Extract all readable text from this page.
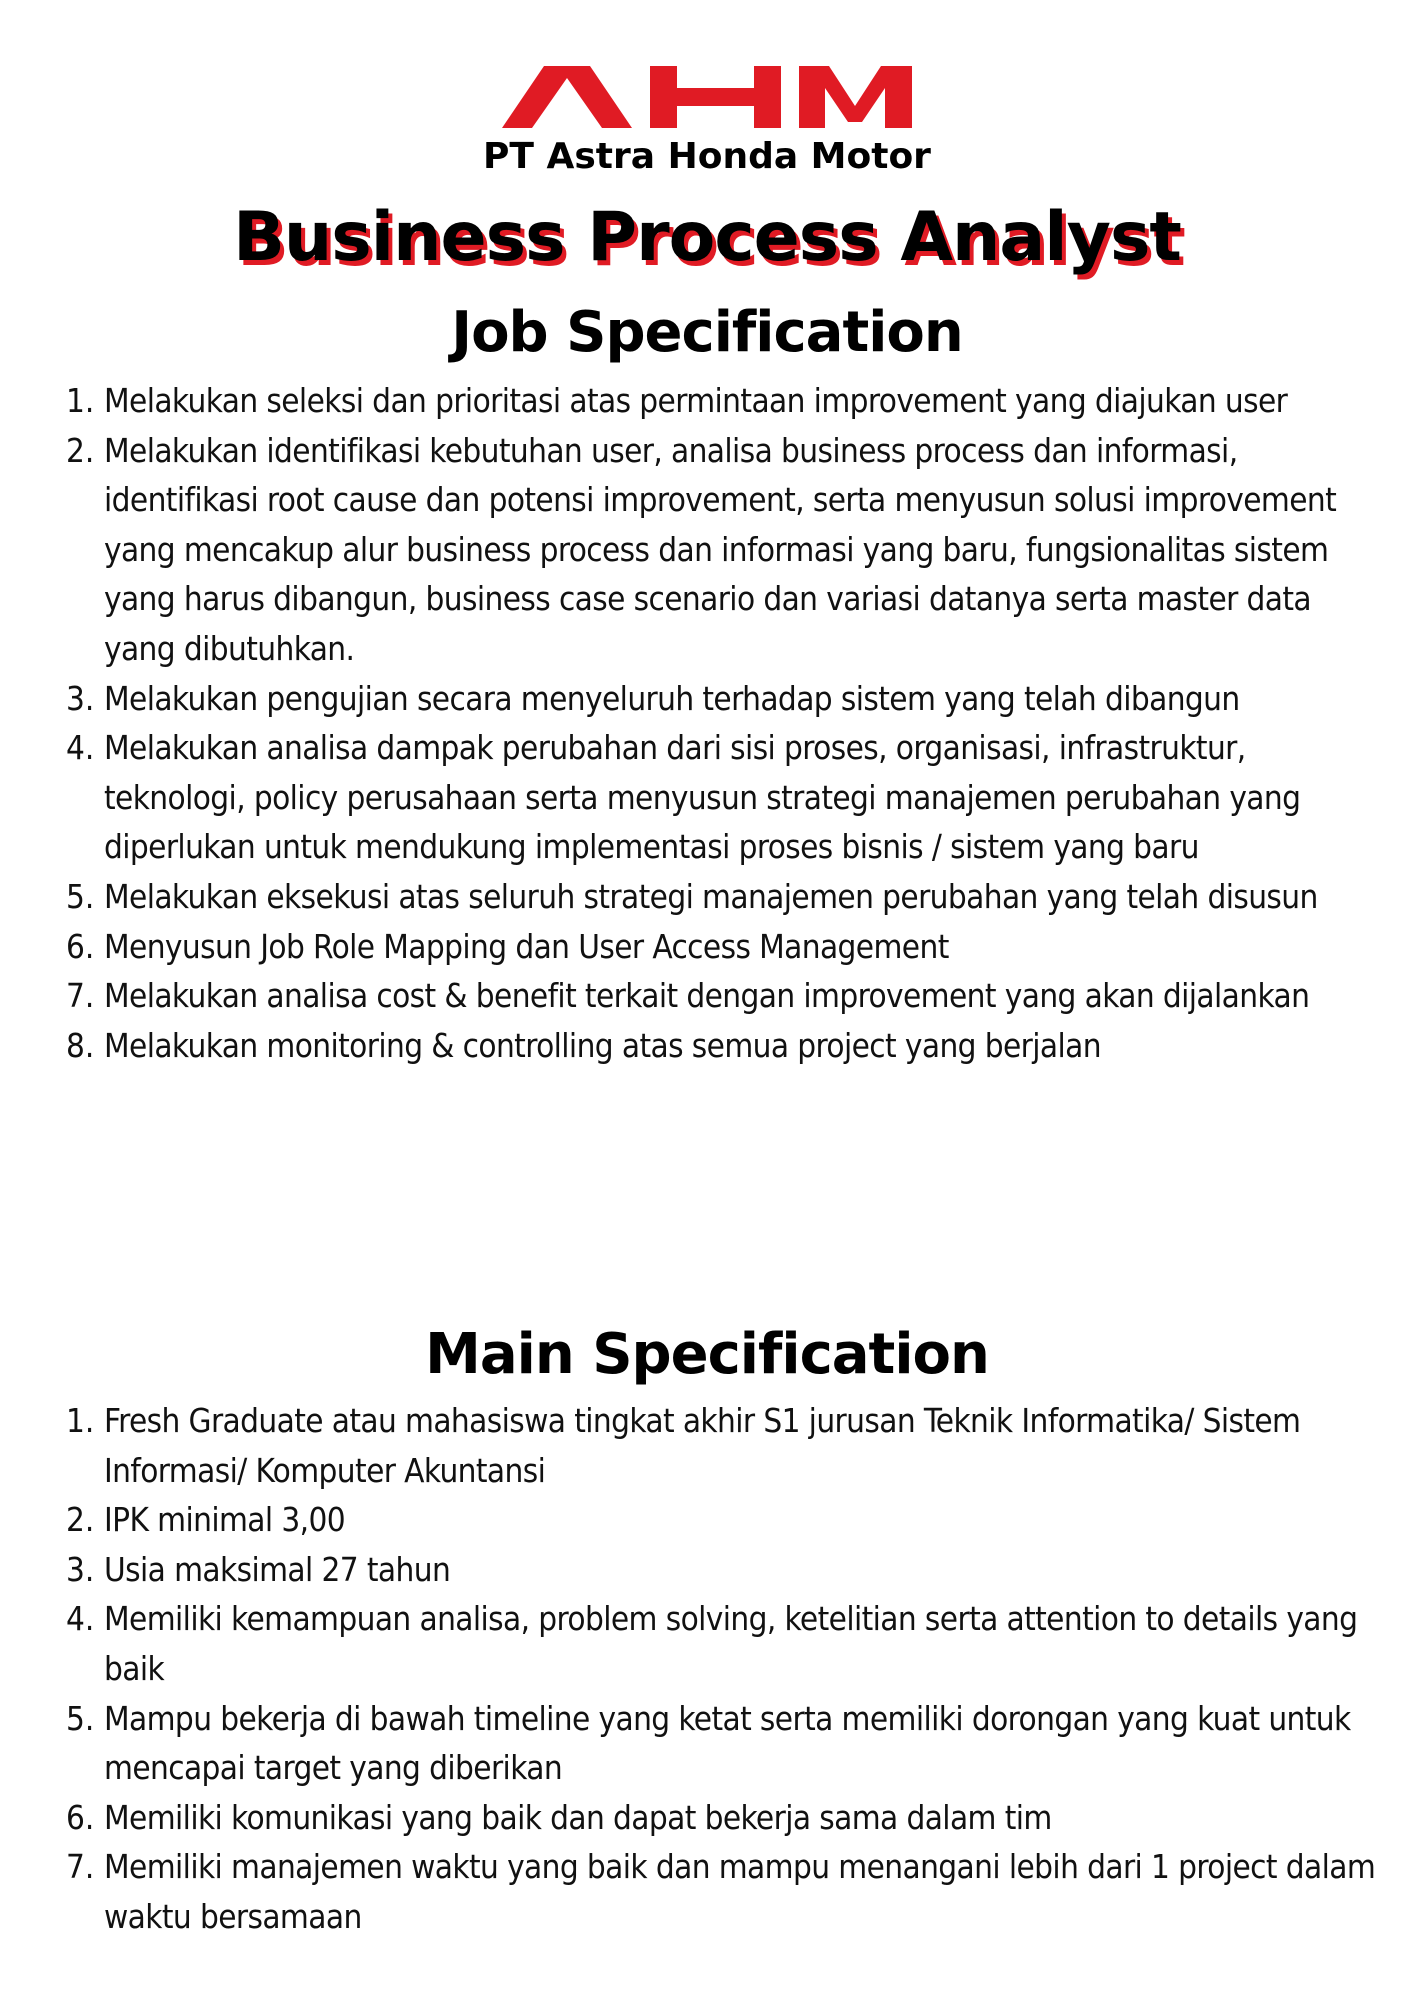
PT Astra Honda Motor
Business Process Analyst
Job Specification
1. Melakukan seleksi dan prioritasi atas permintaan improvement yang diajukan user
2. Melakukan identifikasi kebutuhan user, analisa business process dan informasi, identifikasi root cause dan potensi improvement, serta menyusun solusi improvement yang mencakup alur business process dan informasi yang baru, fungsionalitas sistem yang harus dibangun, business case scenario dan variasi datanya serta master data yang dibutuhkan.
3. Melakukan pengujian secara menyeluruh terhadap sistem yang telah dibangun
4. Melakukan analisa dampak perubahan dari sisi proses, organisasi, infrastruktur, teknologi, policy perusahaan serta menyusun strategi manajemen perubahan yang diperlukan untuk mendukung implementasi proses bisnis / sistem yang baru
5. Melakukan eksekusi atas seluruh strategi manajemen perubahan yang telah disusun
6. Menyusun Job Role Mapping dan User Access Management
7. Melakukan analisa cost & benefit terkait dengan improvement yang akan dijalankan
8. Melakukan monitoring & controlling atas semua project yang berjalan
Main Specification
1. Fresh Graduate atau mahasiswa tingkat akhir S1 jurusan Teknik Informatika/ Sistem Informasi/ Komputer Akuntansi
2. IPK minimal 3,00
3. Usia maksimal 27 tahun
4. Memiliki kemampuan analisa, problem solving, ketelitian serta attention to details yang baik
5. Mampu bekerja di bawah timeline yang ketat serta memiliki dorongan yang kuat untuk mencapai target yang diberikan
6. Memiliki komunikasi yang baik dan dapat bekerja sama dalam tim
7. Memiliki manajemen waktu yang baik dan mampu menangani lebih dari 1 project dalam waktu bersamaan
